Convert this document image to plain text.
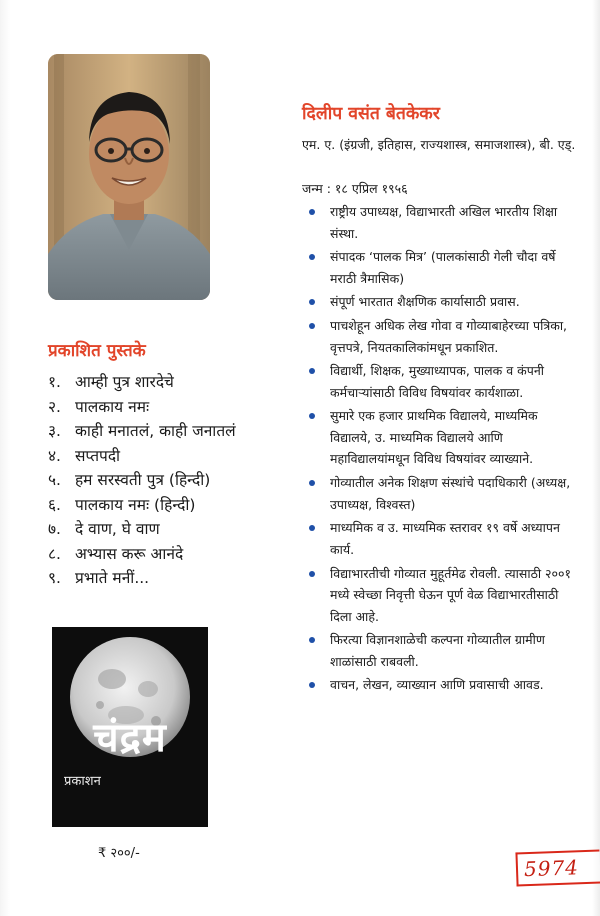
प्रकाशित पुस्तके
१. आम्ही पुत्र शारदेचे
२. पालकाय नमः
३. काही मनातलं, काही जनातलं
४. सप्तपदी
५. हम सरस्वती पुत्र (हिन्दी)
६. पालकाय नमः (हिन्दी)
७. दे वाण, घे वाण
८. अभ्यास करू आनंदे
९. प्रभाते मनीं...
चंद्रम
प्रकाशन
₹ २००/-
दिलीप वसंत बेतकेकर

एम. ए. (इंग्रजी, इतिहास, राज्यशास्त्र, समाजशास्त्र), बी. एड्.

जन्म : १८ एप्रिल १९५६

राष्ट्रीय उपाध्यक्ष, विद्याभारती अखिल भारतीय शिक्षा संस्था.
संपादक ‘पालक मित्र’ (पालकांसाठी गेली चौदा वर्षे मराठी त्रैमासिक)
संपूर्ण भारतात शैक्षणिक कार्यासाठी प्रवास.
पाचशेहून अधिक लेख गोवा व गोव्याबाहेरच्या पत्रिका, वृत्तपत्रे, नियतकालिकांमधून प्रकाशित.
विद्यार्थी, शिक्षक, मुख्याध्यापक, पालक व कंपनी कर्मचाऱ्यांसाठी विविध विषयांवर कार्यशाळा.
सुमारे एक हजार प्राथमिक विद्यालये, माध्यमिक विद्यालये, उ. माध्यमिक विद्यालये आणि महाविद्यालयांमधून विविध विषयांवर व्याख्याने.
गोव्यातील अनेक शिक्षण संस्थांचे पदाधिकारी (अध्यक्ष, उपाध्यक्ष, विश्वस्त)
माध्यमिक व उ. माध्यमिक स्तरावर १९ वर्षे अध्यापन कार्य.
विद्याभारतीची गोव्यात मुहूर्तमेढ रोवली. त्यासाठी २००१ मध्ये स्वेच्छा निवृत्ती घेऊन पूर्ण वेळ विद्याभारतीसाठी दिला आहे.
फिरत्या विज्ञानशाळेची कल्पना गोव्यातील ग्रामीण शाळांसाठी राबवली.
वाचन, लेखन, व्याख्यान आणि प्रवासाची आवड.
5974
